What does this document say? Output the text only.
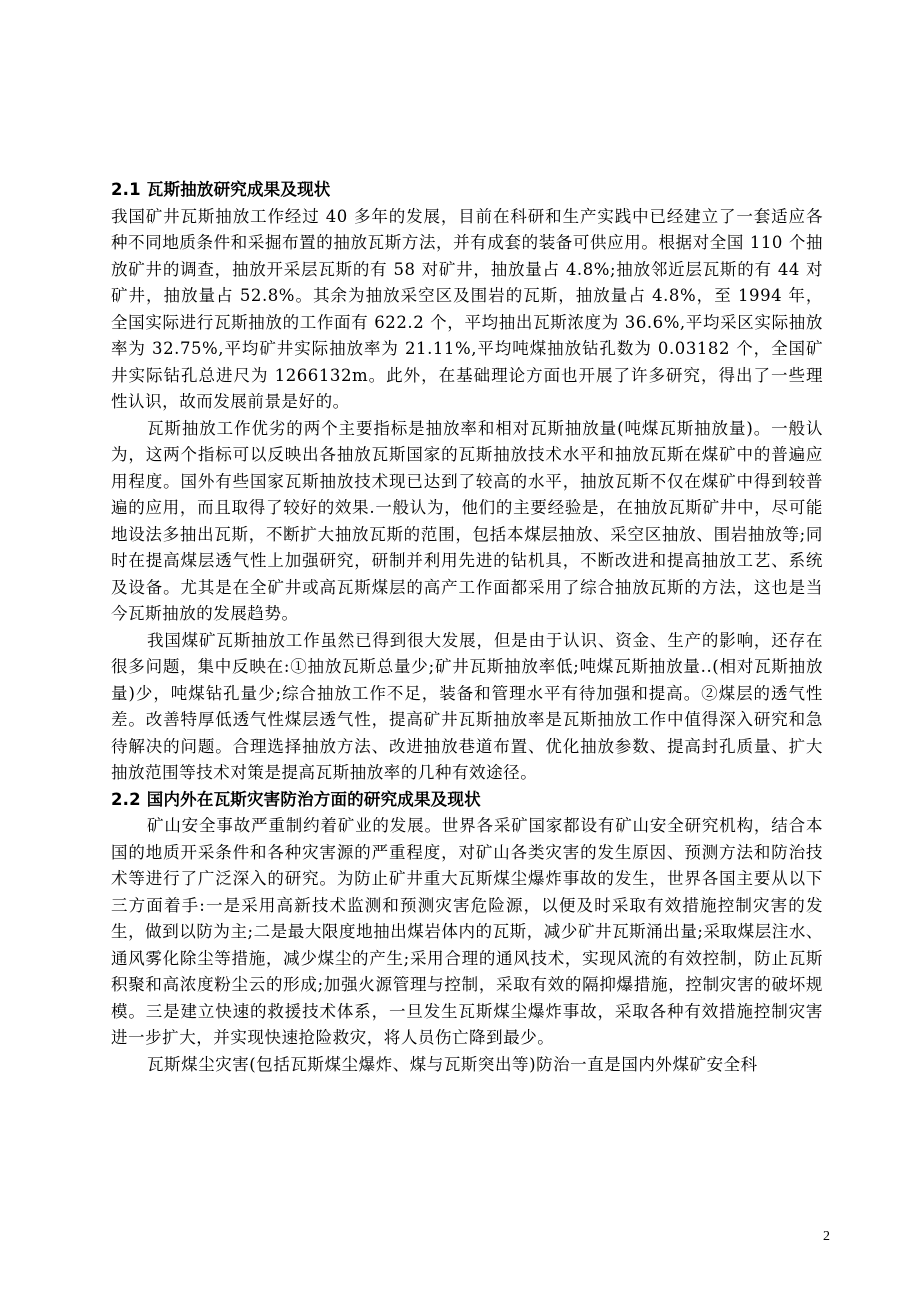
2.1 瓦斯抽放研究成果及现状

我国矿井瓦斯抽放工作经过 40 多年的发展，目前在科研和生产实践中已经建立了一套适应各种不同地质条件和采掘布置的抽放瓦斯方法，并有成套的装备可供应用。根据对全国 110 个抽放矿井的调查，抽放开采层瓦斯的有 58 对矿井，抽放量占 4.8%;抽放邻近层瓦斯的有 44 对矿井，抽放量占 52.8%。其余为抽放采空区及围岩的瓦斯，抽放量占 4.8%，至 1994 年，全国实际进行瓦斯抽放的工作面有 622.2 个，平均抽出瓦斯浓度为 36.6%,平均采区实际抽放率为 32.75%,平均矿井实际抽放率为 21.11%,平均吨煤抽放钻孔数为 0.03182 个，全国矿井实际钻孔总进尺为 1266132m。此外，在基础理论方面也开展了许多研究，得出了一些理性认识，故而发展前景是好的。

瓦斯抽放工作优劣的两个主要指标是抽放率和相对瓦斯抽放量(吨煤瓦斯抽放量)。一般认为，这两个指标可以反映出各抽放瓦斯国家的瓦斯抽放技术水平和抽放瓦斯在煤矿中的普遍应用程度。国外有些国家瓦斯抽放技术现已达到了较高的水平，抽放瓦斯不仅在煤矿中得到较普遍的应用，而且取得了较好的效果.一般认为，他们的主要经验是，在抽放瓦斯矿井中，尽可能地设法多抽出瓦斯，不断扩大抽放瓦斯的范围，包括本煤层抽放、采空区抽放、围岩抽放等;同时在提高煤层透气性上加强研究，研制并利用先进的钻机具，不断改进和提高抽放工艺、系统及设备。尤其是在全矿井或高瓦斯煤层的高产工作面都采用了综合抽放瓦斯的方法，这也是当今瓦斯抽放的发展趋势。

我国煤矿瓦斯抽放工作虽然已得到很大发展，但是由于认识、资金、生产的影响，还存在很多问题，集中反映在:①抽放瓦斯总量少;矿井瓦斯抽放率低;吨煤瓦斯抽放量..(相对瓦斯抽放量)少，吨煤钻孔量少;综合抽放工作不足，装备和管理水平有待加强和提高。②煤层的透气性差。改善特厚低透气性煤层透气性，提高矿井瓦斯抽放率是瓦斯抽放工作中值得深入研究和急待解决的问题。合理选择抽放方法、改进抽放巷道布置、优化抽放参数、提高封孔质量、扩大抽放范围等技术对策是提高瓦斯抽放率的几种有效途径。

2.2 国内外在瓦斯灾害防治方面的研究成果及现状

矿山安全事故严重制约着矿业的发展。世界各采矿国家都设有矿山安全研究机构，结合本国的地质开采条件和各种灾害源的严重程度，对矿山各类灾害的发生原因、预测方法和防治技术等进行了广泛深入的研究。为防止矿井重大瓦斯煤尘爆炸事故的发生，世界各国主要从以下三方面着手:一是采用高新技术监测和预测灾害危险源，以便及时采取有效措施控制灾害的发生，做到以防为主;二是最大限度地抽出煤岩体内的瓦斯，减少矿井瓦斯涌出量;采取煤层注水、通风雾化除尘等措施，减少煤尘的产生;采用合理的通风技术，实现风流的有效控制，防止瓦斯积聚和高浓度粉尘云的形成;加强火源管理与控制，采取有效的隔抑爆措施，控制灾害的破坏规模。三是建立快速的救援技术体系，一旦发生瓦斯煤尘爆炸事故，采取各种有效措施控制灾害进一步扩大，并实现快速抢险救灾，将人员伤亡降到最少。

瓦斯煤尘灾害(包括瓦斯煤尘爆炸、煤与瓦斯突出等)防治一直是国内外煤矿安全科

2
